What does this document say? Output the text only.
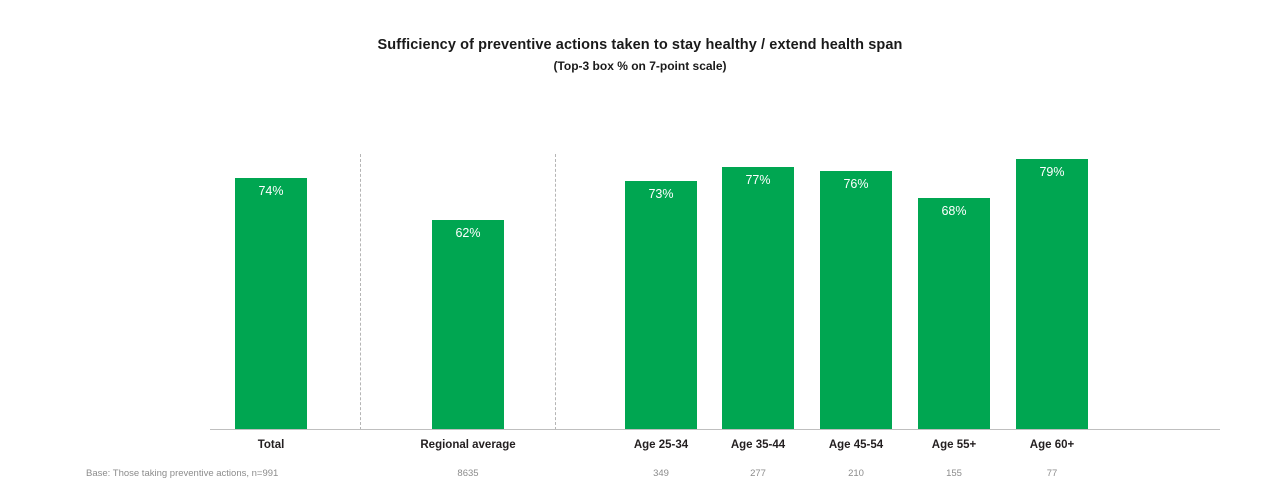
Sufficiency of preventive actions taken to stay healthy / extend health span
(Top-3 box % on 7-point scale)
74%
62%
73%
77%	76%
68%
79%
Total	Regional average	Age 25-34	Age 35-44	Age 45-54	Age 55+	Age 60+
Base: Those taking preventive actions, n=991	8635	349	277	210	155	77
